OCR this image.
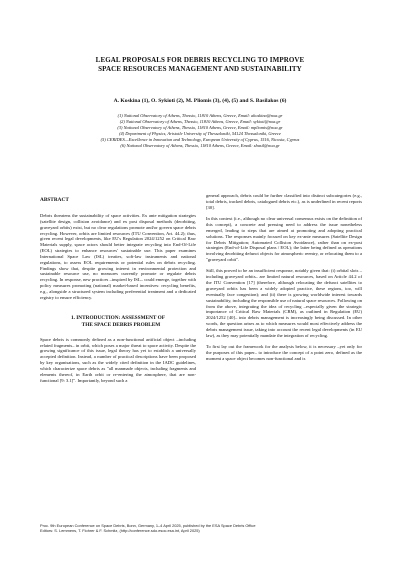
LEGAL PROPOSALS FOR DEBRIS RECYCLING TO IMPROVE
SPACE RESOURCES MANAGEMENT AND SUSTAINABILITY
A. Koskina (1), O. Sykioti (2), M. Pliomis (3), (4), (5) and S. Basilakos (6)
(1) National Observatory of Athens, Thessio, 11810 Athens, Greece, Email: akoskina@noa.gr
(2) National Observatory of Athens, Thessio, 11810 Athens, Greece, Email: sykioti@noa.gr
(3) National Observatory of Athens, Thessio, 11810 Athens, Greece, Email: mpliomis@noa.gr
(4) Department of Physics, Aristotle University of Thessaloniki, 54124 Thessaloniki, Greece
(5) CERIDES—Excellence in Innovation and Technology, European University of Cyprus, 1516, Nicosia, Cyprus
(6) National Observatory of Athens, Thessio, 11810 Athens, Greece, Email: sbasil@noa.gr
ABSTRACT

Debris threatens the sustainability of space activities. Ex ante mitigation strategies (satellite design, collision avoidance) and ex post disposal methods (deorbiting, graveyard orbits) exist, but no clear regulations promote and/or govern space debris recycling. However, orbits are limited resources (ITU Convention, Art. 44.2); thus, given recent legal developments, like EU's Regulation 2024/1252 on Critical Raw Materials supply, space actors should better integrate recycling into End-Of-Life (EOL) strategies to enhance resources' sustainable use. This paper examines International Space Law (ISL) treaties, soft-law instruments and national regulations, to assess EOL requirements or potential rules on debris recycling. Findings show that, despite growing interest in environmental protection and sustainable resource use, no measures currently promote or regulate debris recycling. In response, new practices –inspired by ISL– could emerge, together with policy measures promoting (national) market-based incentives: recycling benefits, e.g., alongside a structured system including preferential treatment and a dedicated registry to ensure efficiency.

1. INTRODUCTION: ASSESSMENT OF
THE SPACE DEBRIS PROBLEM

Space debris is commonly defined as a non-functional artificial object –including related fragments– in orbit, which poses a major threat to space activity. Despite the growing significance of this issue, legal theory has yet to establish a universally accepted definition. Instead, a number of practical descriptions have been proposed by key organisations, such as the widely cited definition in the IADC guidelines, which characterize space debris as "all manmade objects, including fragments and elements thereof, in Earth orbit or re-entering the atmosphere, that are non-functional [9: 3.1]". Importantly, beyond such a

general approach, debris could be further classified into distinct subcategories (e.g., total debris, tracked debris, catalogued debris etc.), as is underlined in recent reports [30].

In this context (i.e., although no clear universal consensus exists on the definition of this concept), a concrete and pressing need to address the issue nonetheless emerged, leading to steps that are aimed at promoting and adopting practical solutions. The responses mainly focused on key ex-ante measures (Satellite Design for Debris Mitigation; Automated Collision Avoidance), rather than on ex-post strategies (End-of-Life Disposal plans / EOL); the latter being defined as operations involving deorbiting defunct objects for atmospheric reentry, or relocating them to a "graveyard orbit".

Still, this proved to be an insufficient response, notably given that: (i) orbital slots –including graveyard orbits– are limited natural resources, based on Article 44.2 of the ITU Convention [17] (therefore, although relocating the defunct satellites to graveyard orbits has been a widely adopted practice, these regions, too, will eventually face congestion); and (ii) there is growing worldwide interest towards sustainability, including the responsible use of natural space resources. Following on from the above, integrating the idea of recycling –especially given the strategic importance of Critical Raw Materials (CRM), as outlined in Regulation (EU) 2024/1252 [40]– into debris management is increasingly being discussed. In other words, the question arises as to which measures would most effectively address the debris management issue, taking into account the recent legal developments (in EU law), as they may potentially mandate the integration of recycling.

To first lay out the framework for the analysis below, it is necessary –yet only for the purposes of this paper– to introduce the concept of a point zero, defined as the moment a space object becomes non-functional and is

Proc. 9th European Conference on Space Debris, Bonn, Germany, 1–4 April 2025, published by the ESA Space Debris Office
Editors: S. Lemmens, T. Flohrer & F. Schmitz, (http://conference.sdo.esoc.esa.int, April 2025)
